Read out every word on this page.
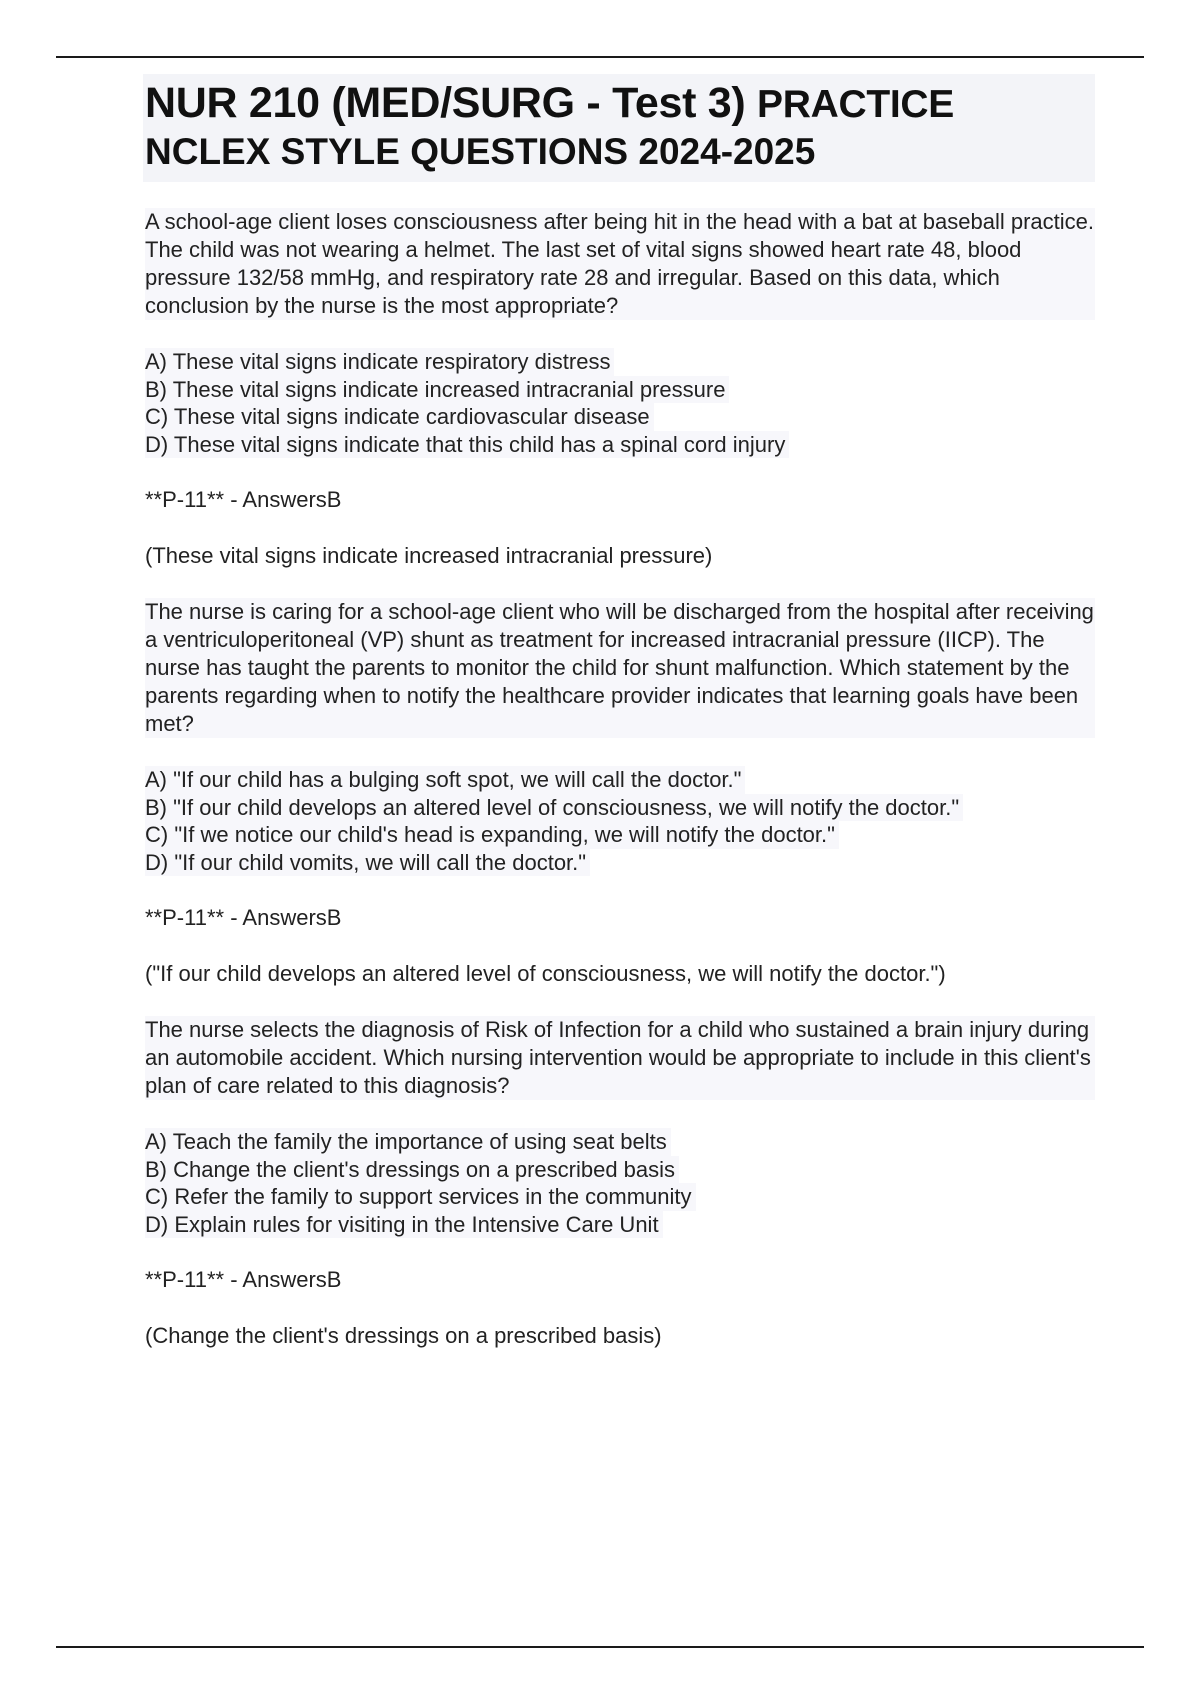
NUR 210 (MED/SURG - Test 3) PRACTICE
NCLEX STYLE QUESTIONS 2024-2025

A school-age client loses consciousness after being hit in the head with a bat at baseball practice. The child was not wearing a helmet. The last set of vital signs showed heart rate 48, blood pressure 132/58 mmHg, and respiratory rate 28 and irregular. Based on this data, which conclusion by the nurse is the most appropriate?

A) These vital signs indicate respiratory distress
B) These vital signs indicate increased intracranial pressure
C) These vital signs indicate cardiovascular disease
D) These vital signs indicate that this child has a spinal cord injury

**P-11** - AnswersB

(These vital signs indicate increased intracranial pressure)

The nurse is caring for a school-age client who will be discharged from the hospital after receiving a ventriculoperitoneal (VP) shunt as treatment for increased intracranial pressure (IICP). The nurse has taught the parents to monitor the child for shunt malfunction. Which statement by the parents regarding when to notify the healthcare provider indicates that learning goals have been met?

A) "If our child has a bulging soft spot, we will call the doctor."
B) "If our child develops an altered level of consciousness, we will notify the doctor."
C) "If we notice our child's head is expanding, we will notify the doctor."
D) "If our child vomits, we will call the doctor."

**P-11** - AnswersB

("If our child develops an altered level of consciousness, we will notify the doctor.")

The nurse selects the diagnosis of Risk of Infection for a child who sustained a brain injury during an automobile accident. Which nursing intervention would be appropriate to include in this client's plan of care related to this diagnosis?

A) Teach the family the importance of using seat belts
B) Change the client's dressings on a prescribed basis
C) Refer the family to support services in the community
D) Explain rules for visiting in the Intensive Care Unit

**P-11** - AnswersB

(Change the client's dressings on a prescribed basis)
